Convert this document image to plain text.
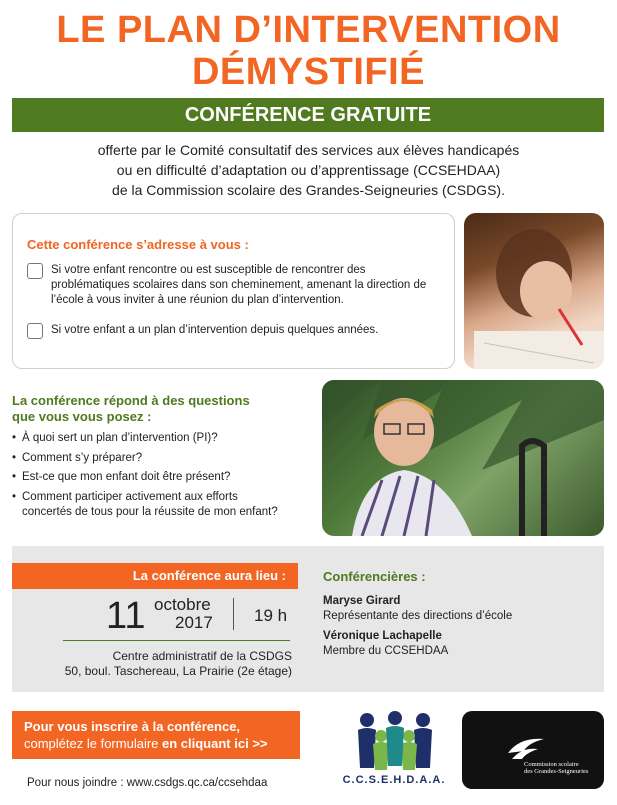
LE PLAN D’INTERVENTION
DÉMYSTIFIÉ
CONFÉRENCE GRATUITE
offerte par le Comité consultatif des services aux élèves handicapés
ou en difficulté d’adaptation ou d’apprentissage (CCSEHDAA)
de la Commission scolaire des Grandes-Seigneuries (CSDGS).
Cette conférence s’adresse à vous :
Si votre enfant rencontre ou est susceptible de rencontrer des problématiques scolaires dans son cheminement, amenant la direction de l’école à vous inviter à une réunion du plan d’intervention.
Si votre enfant a un plan d’intervention depuis quelques années.
La conférence répond à des questions
que vous vous posez :
• À quoi sert un plan d’intervention (PI)?
• Comment s’y préparer?
• Est-ce que mon enfant doit être présent?
• Comment participer activement aux efforts
concertés de tous pour la réussite de mon enfant?
La conférence aura lieu :
11 octobre
2017 19 h
Centre administratif de la CSDGS
50, boul. Taschereau, La Prairie (2e étage)
Conférencières :
Maryse Girard
Représentante des directions d’école
Véronique Lachapelle
Membre du CCSEHDAA
Pour vous inscrire à la conférence,
complétez le formulaire en cliquant ici >>
Pour nous joindre : www.csdgs.qc.ca/ccsehdaa	C.C.S.E.H.D.A.A.
Commission scolaire
des Grandes-Seigneuries
